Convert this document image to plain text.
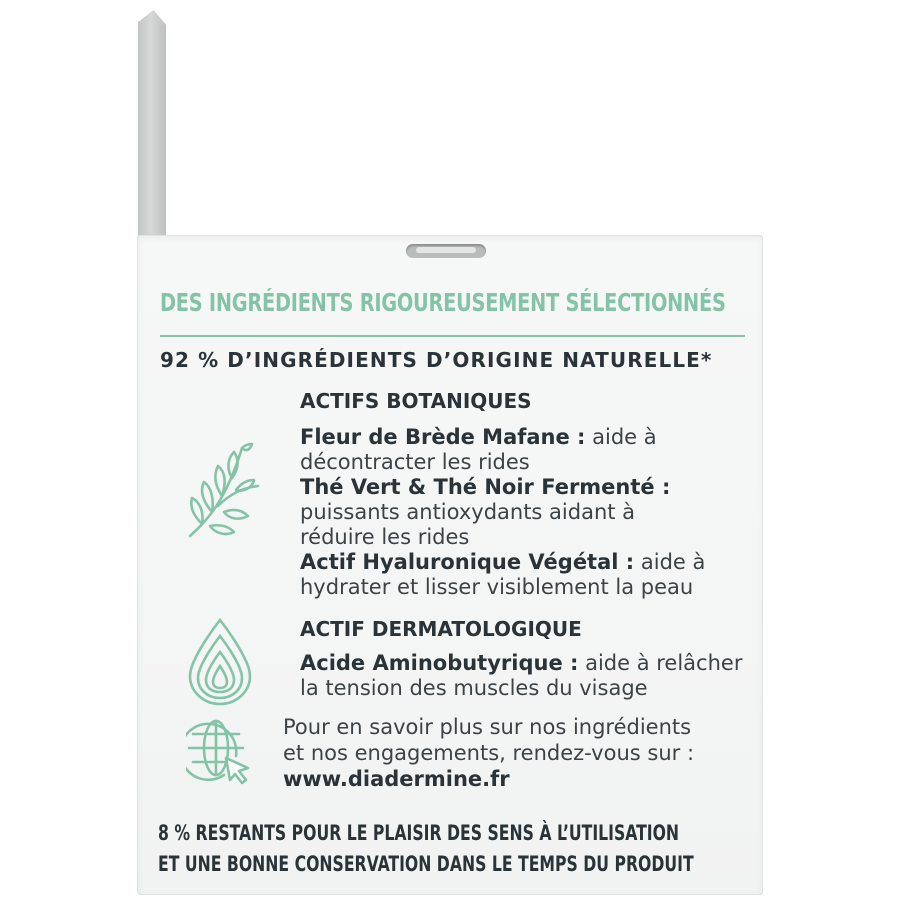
DES INGRÉDIENTS RIGOUREUSEMENT SÉLECTIONNÉS
92 % D’INGRÉDIENTS D’ORIGINE NATURELLE*
ACTIFS BOTANIQUES
Fleur de Brède Mafane : aide à
décontracter les rides
Thé Vert & Thé Noir Fermenté :
puissants antioxydants aidant à
réduire les rides
Actif Hyaluronique Végétal : aide à
hydrater et lisser visiblement la peau
ACTIF DERMATOLOGIQUE
Acide Aminobutyrique : aide à relâcher
la tension des muscles du visage
Pour en savoir plus sur nos ingrédients
et nos engagements, rendez-vous sur :
www.diadermine.fr
8 % RESTANTS POUR LE PLAISIR DES SENS À L’UTILISATION
ET UNE BONNE CONSERVATION DANS LE TEMPS DU PRODUIT
